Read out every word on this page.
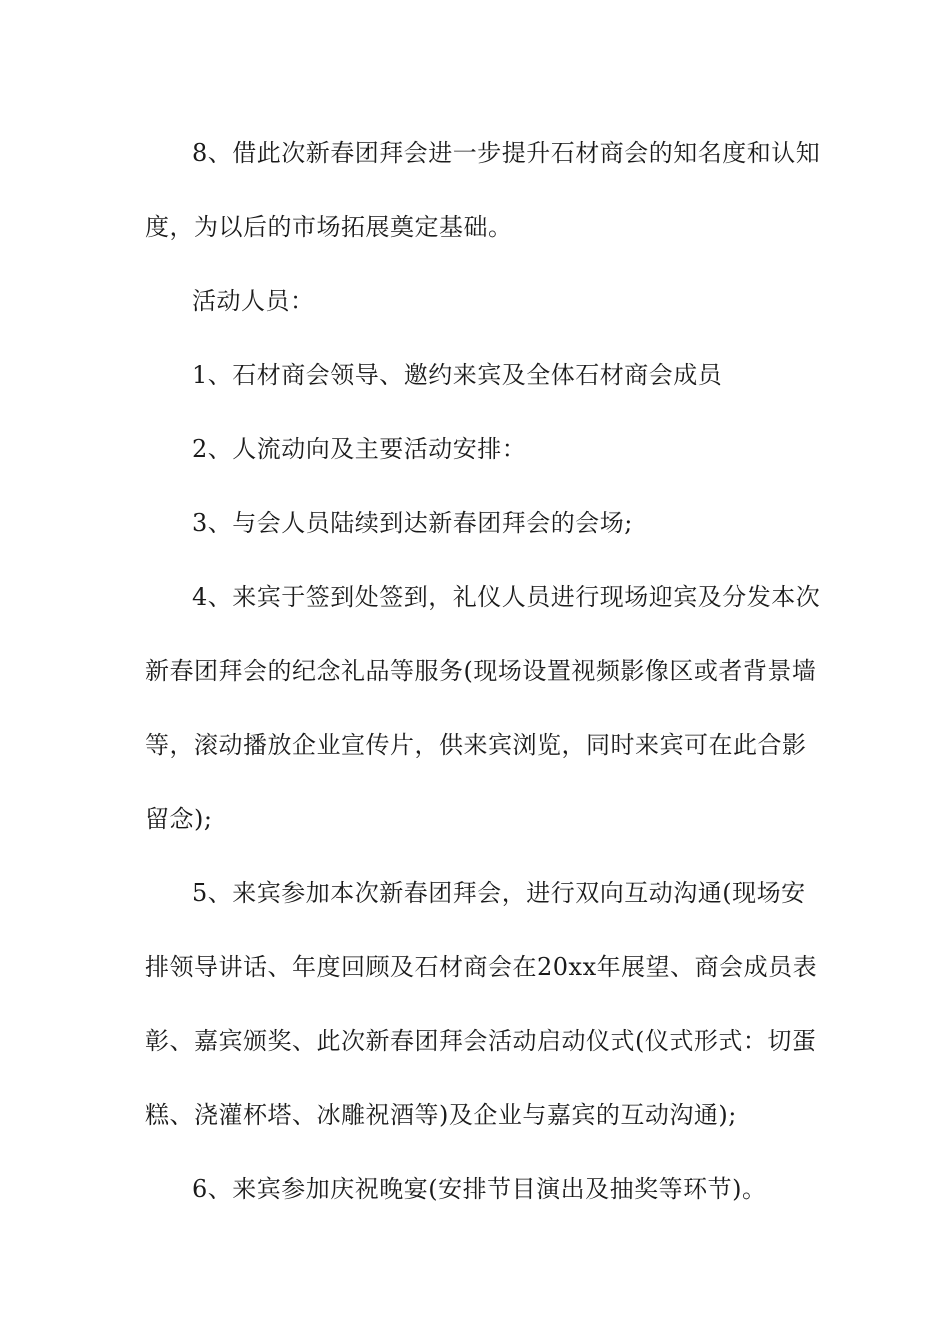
8、借此次新春团拜会进一步提升石材商会的知名度和认知
度，为以后的市场拓展奠定基础。
活动人员：
1、石材商会领导、邀约来宾及全体石材商会成员
2、人流动向及主要活动安排：
3、与会人员陆续到达新春团拜会的会场;
4、来宾于签到处签到，礼仪人员进行现场迎宾及分发本次
新春团拜会的纪念礼品等服务(现场设置视频影像区或者背景墙
等，滚动播放企业宣传片，供来宾浏览，同时来宾可在此合影
留念);
5、来宾参加本次新春团拜会，进行双向互动沟通(现场安
排领导讲话、年度回顾及石材商会在20xx年展望、商会成员表
彰、嘉宾颁奖、此次新春团拜会活动启动仪式(仪式形式：切蛋
糕、浇灌杯塔、冰雕祝酒等)及企业与嘉宾的互动沟通);
6、来宾参加庆祝晚宴(安排节目演出及抽奖等环节)。
